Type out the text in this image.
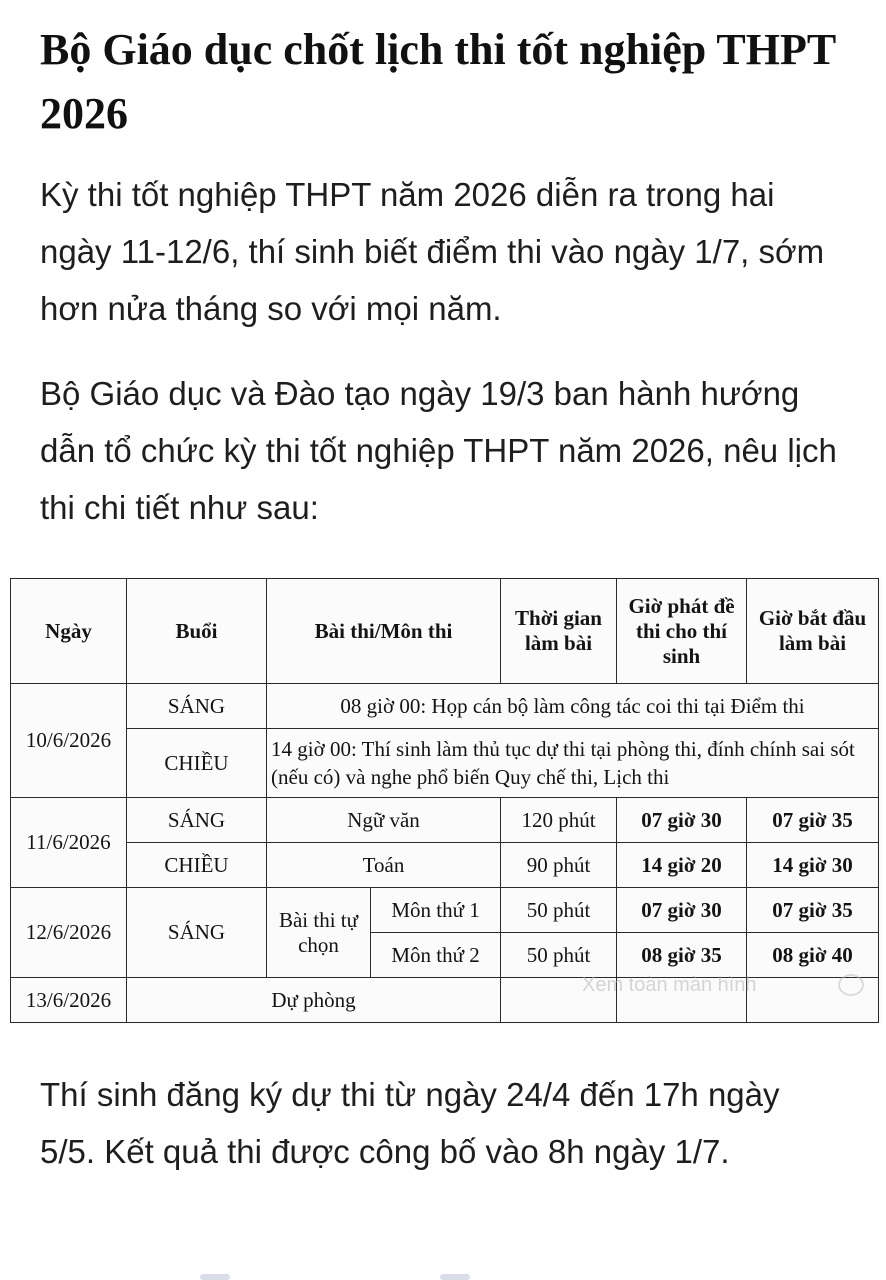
Bộ Giáo dục chốt lịch thi tốt nghiệp THPT 2026

Kỳ thi tốt nghiệp THPT năm 2026 diễn ra trong hai ngày 11-12/6, thí sinh biết điểm thi vào ngày 1/7, sớm hơn nửa tháng so với mọi năm.

Bộ Giáo dục và Đào tạo ngày 19/3 ban hành hướng dẫn tổ chức kỳ thi tốt nghiệp THPT năm 2026, nêu lịch thi chi tiết như sau:

Ngày	Buổi	Bài thi/Môn thi		Thời gian làm bài	Giờ phát đề thi cho thí sinh	Giờ bắt đầu làm bài
10/6/2026	SÁNG	08 giờ 00: Họp cán bộ làm công tác coi thi tại Điểm thi				
	CHIỀU	14 giờ 00: Thí sinh làm thủ tục dự thi tại phòng thi, đính chính sai sót (nếu có) và nghe phổ biến Quy chế thi, Lịch thi				
11/6/2026	SÁNG	Ngữ văn		120 phút	07 giờ 30	07 giờ 35
	CHIỀU	Toán		90 phút	14 giờ 20	14 giờ 30
12/6/2026	SÁNG	Bài thi tự chọn	Môn thứ 1	50 phút	07 giờ 30	07 giờ 35
			Môn thứ 2	50 phút	08 giờ 35	08 giờ 40
13/6/2026	Dự phòng					
Xem toàn màn hình

Thí sinh đăng ký dự thi từ ngày 24/4 đến 17h ngày 5/5. Kết quả thi được công bố vào 8h ngày 1/7.
